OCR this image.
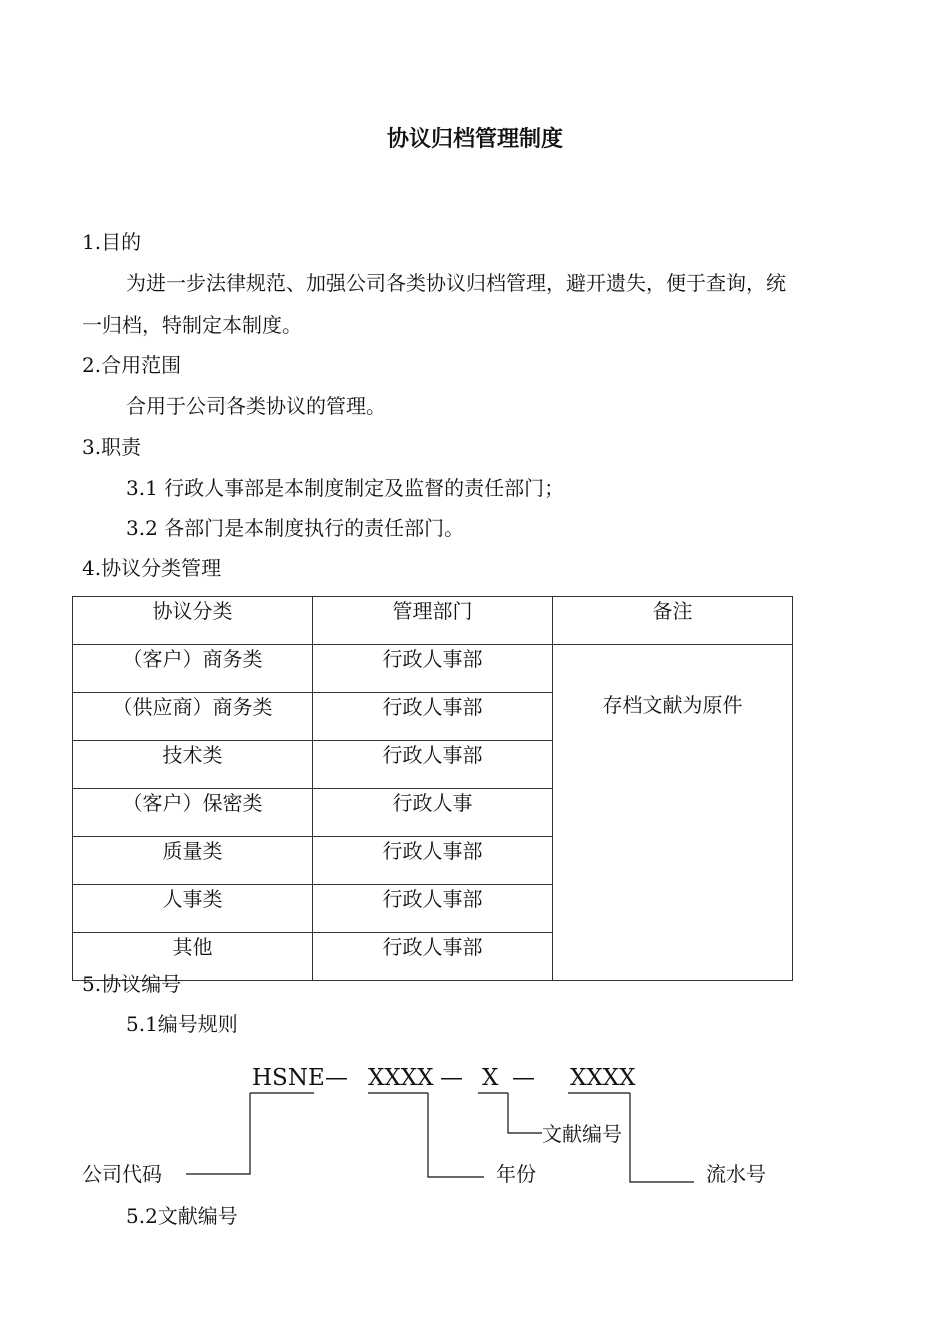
协议归档管理制度
1.目的
为进一步法律规范、加强公司各类协议归档管理，避开遗失，便于查询，统
一归档，特制定本制度。
2.合用范围
合用于公司各类协议的管理。
3.职责
3.1 行政人事部是本制度制定及监督的责任部门；
3.2 各部门是本制度执行的责任部门。
4.协议分类管理
协议分类	管理部门	备注
（客户）商务类	行政人事部	存档文献为原件
（供应商）商务类	行政人事部	
技术类	行政人事部	
（客户）保密类	行政人事	
质量类	行政人事部	
人事类	行政人事部	
其他	行政人事部	
5.协议编号
5.1编号规则
HSNE — XXXX — X — XXXX
公司代码	年份
文献编号
流水号
5.2文献编号
